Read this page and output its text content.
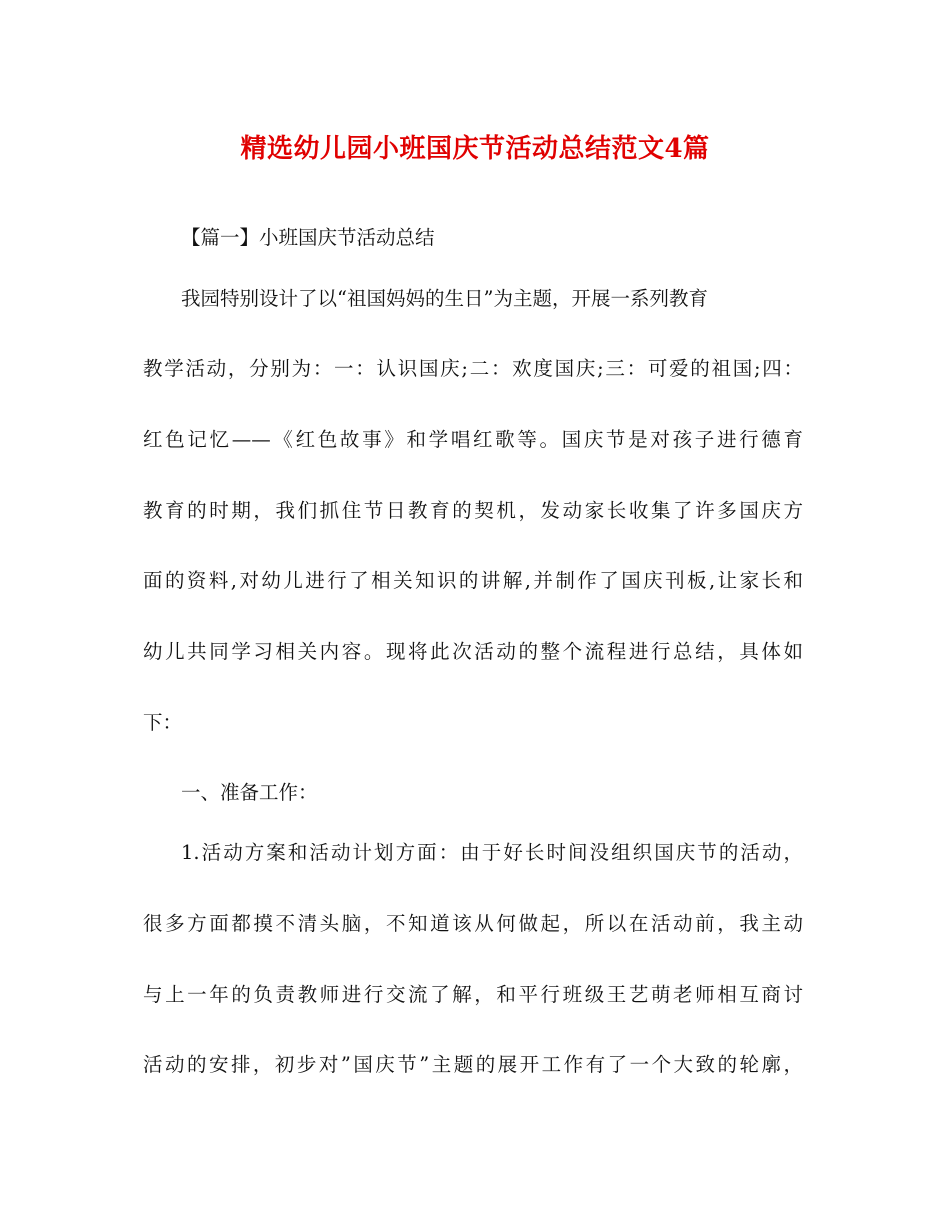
精选幼儿园小班国庆节活动总结范文4篇

【篇一】小班国庆节活动总结

我园特别设计了以“祖国妈妈的生日”为主题，开展一系列教育

教学活动，分别为：一：认识国庆;二：欢度国庆;三：可爱的祖国;四：

红色记忆——《红色故事》和学唱红歌等。国庆节是对孩子进行德育

教育的时期，我们抓住节日教育的契机，发动家长收集了许多国庆方

面的资料,对幼儿进行了相关知识的讲解,并制作了国庆刊板,让家长和

幼儿共同学习相关内容。现将此次活动的整个流程进行总结，具体如

下：

一、准备工作：

1.活动方案和活动计划方面：由于好长时间没组织国庆节的活动，

很多方面都摸不清头脑，不知道该从何做起，所以在活动前，我主动

与上一年的负责教师进行交流了解，和平行班级王艺萌老师相互商讨

活动的安排，初步对”国庆节”主题的展开工作有了一个大致的轮廓，
